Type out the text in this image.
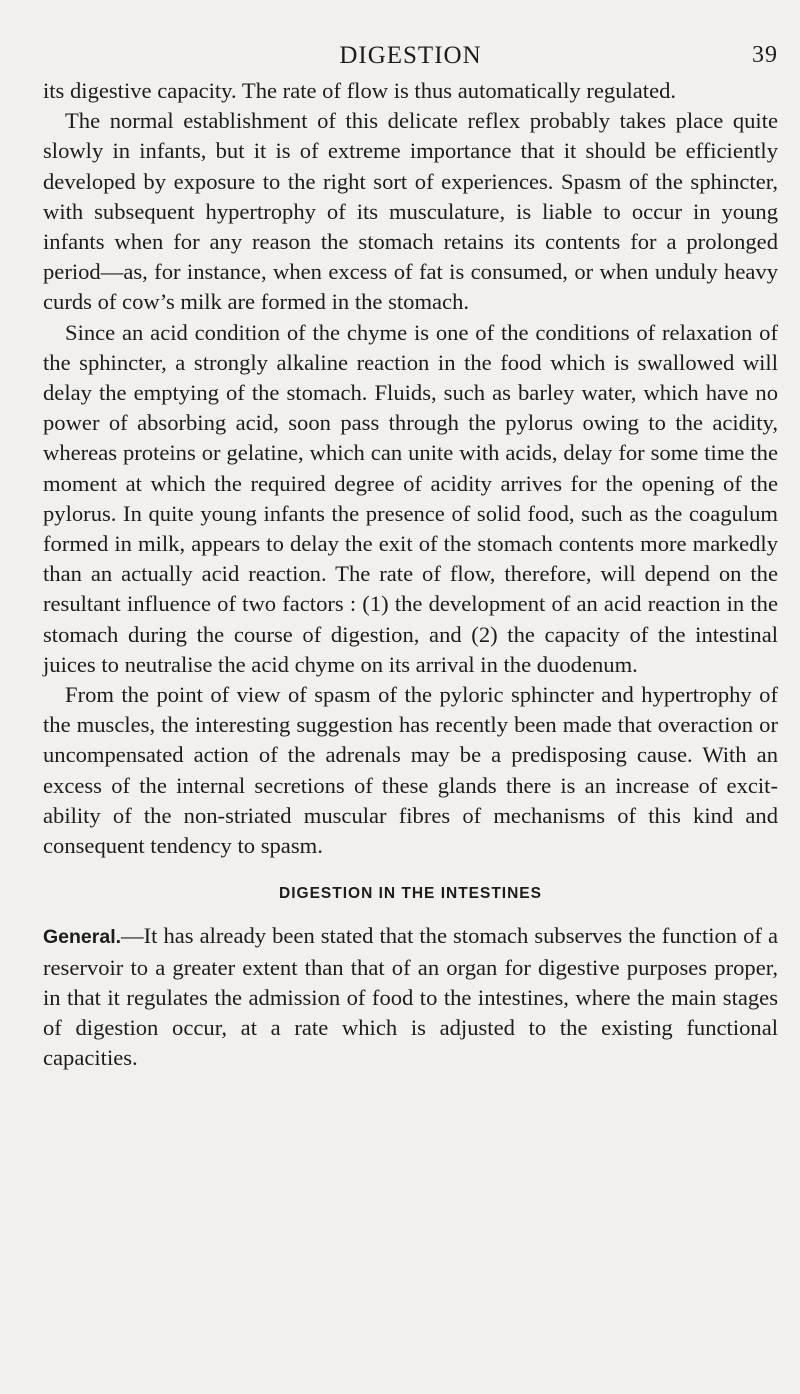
DIGESTION	39

its digestive capacity. The rate of flow is thus automatically regulated.

The normal establishment of this delicate reflex probably takes place quite slowly in infants, but it is of extreme importance that it should be efficiently developed by exposure to the right sort of experiences. Spasm of the sphincter, with subsequent hypertrophy of its musculature, is liable to occur in young infants when for any reason the stomach retains its contents for a prolonged period—as, for instance, when excess of fat is consumed, or when unduly heavy curds of cow’s milk are formed in the stomach.

Since an acid condition of the chyme is one of the conditions of relaxation of the sphincter, a strongly alkaline reaction in the food which is swallowed will delay the emptying of the stomach. Fluids, such as barley water, which have no power of absorbing acid, soon pass through the pylorus owing to the acidity, whereas proteins or gelatine, which can unite with acids, delay for some time the moment at which the required degree of acidity arrives for the opening of the pylorus. In quite young infants the presence of solid food, such as the coagulum formed in milk, appears to delay the exit of the stomach contents more markedly than an actually acid reaction. The rate of flow, therefore, will depend on the resultant influence of two factors : (1) the development of an acid reaction in the stomach during the course of digestion, and (2) the capacity of the intestinal juices to neutralise the acid chyme on its arrival in the duodenum.

From the point of view of spasm of the pyloric sphincter and hypertrophy of the muscles, the interesting suggestion has recently been made that overaction or uncompensated action of the adrenals may be a predisposing cause. With an excess of the internal secretions of these glands there is an increase of excitability of the non-striated muscular fibres of mechanisms of this kind and consequent tendency to spasm.

DIGESTION IN THE INTESTINES

General.—It has already been stated that the stomach subserves the function of a reservoir to a greater extent than that of an organ for digestive purposes proper, in that it regulates the admission of food to the intestines, where the main stages of digestion occur, at a rate which is adjusted to the existing functional capacities.
